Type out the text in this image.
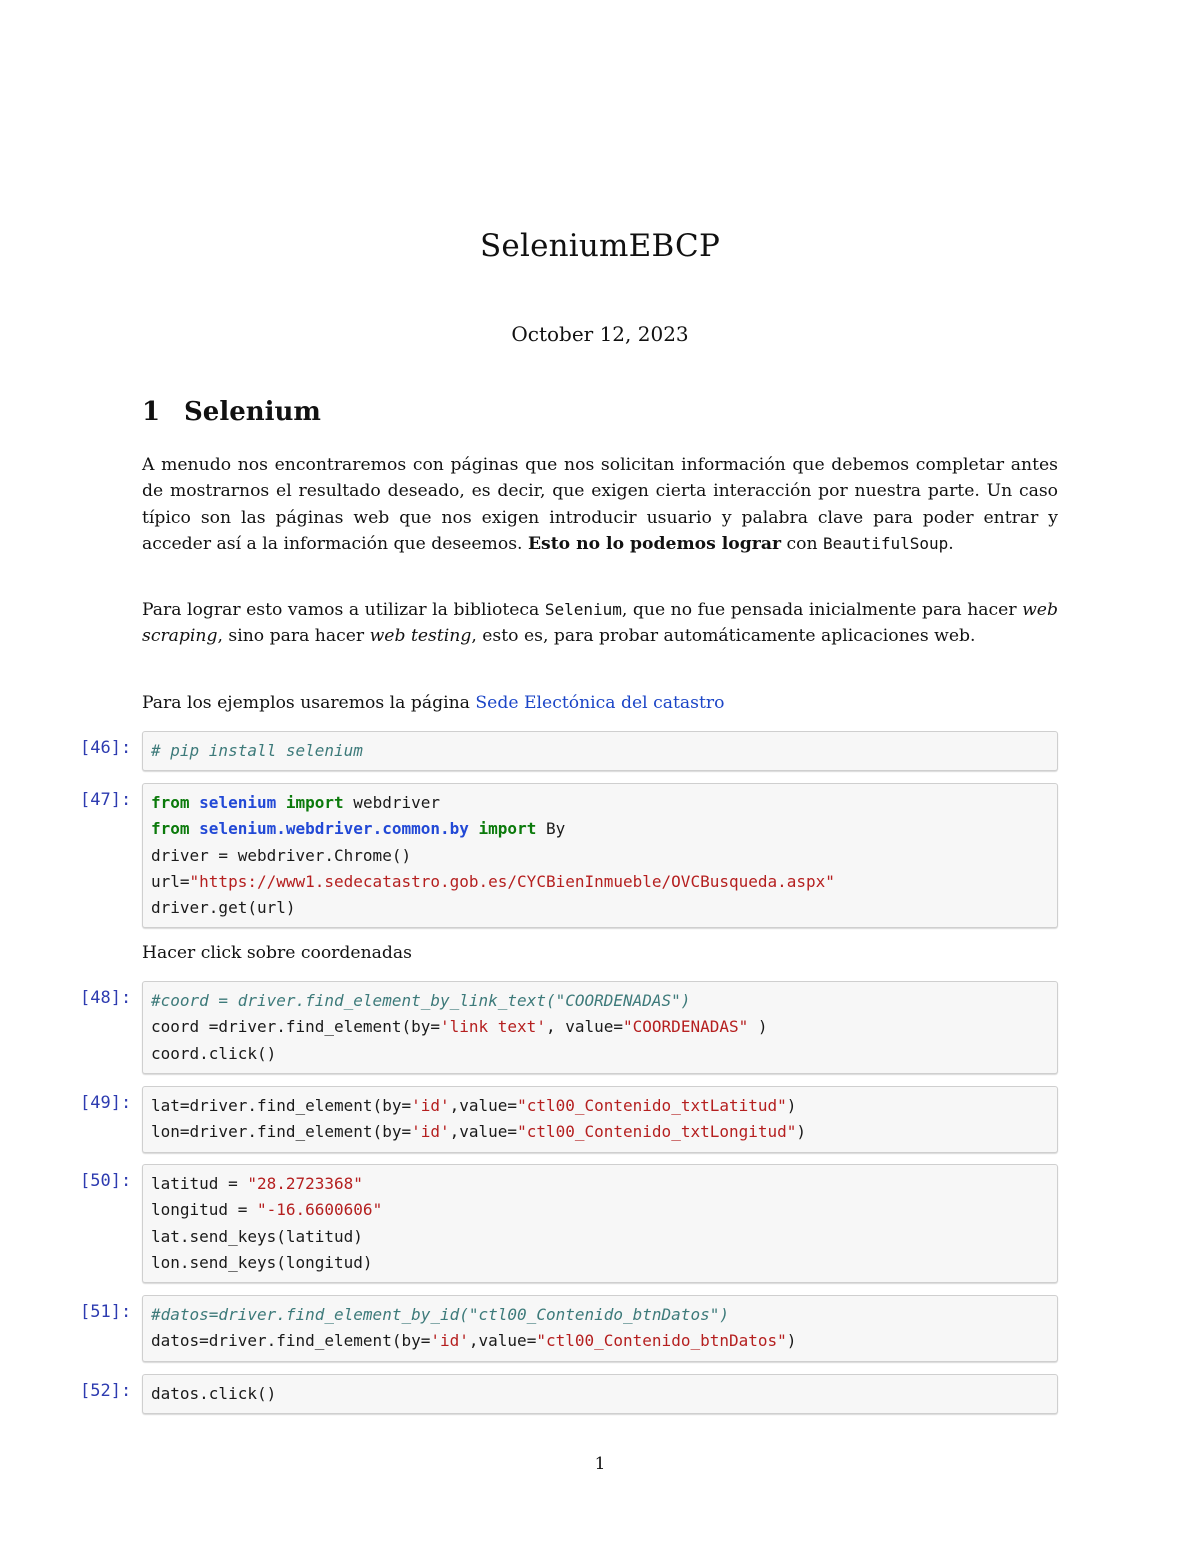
SeleniumEBCP
October 12, 2023
1 Selenium
A menudo nos encontraremos con páginas que nos solicitan información que debemos completar antes de mostrarnos el resultado deseado, es decir, que exigen cierta interacción por nuestra parte. Un caso típico son las páginas web que nos exigen introducir usuario y palabra clave para poder entrar y acceder así a la información que deseemos. Esto no lo podemos lograr con BeautifulSoup.
Para lograr esto vamos a utilizar la biblioteca Selenium, que no fue pensada inicialmente para hacer web scraping, sino para hacer web testing, esto es, para probar automáticamente aplicaciones web.
Para los ejemplos usaremos la página Sede Electónica del catastro
[46]:	# pip install selenium
[47]:	from selenium import webdriver
from selenium.webdriver.common.by import By
driver = webdriver.Chrome()
url="https://www1.sedecatastro.gob.es/CYCBienInmueble/OVCBusqueda.aspx"
driver.get(url)
Hacer click sobre coordenadas
[48]:	#coord = driver.find_element_by_link_text("COORDENADAS")
coord =driver.find_element(by='link text', value="COORDENADAS" )
coord.click()
[49]:	lat=driver.find_element(by='id',value="ctl00_Contenido_txtLatitud")
lon=driver.find_element(by='id',value="ctl00_Contenido_txtLongitud")
[50]:	latitud = "28.2723368"
longitud = "-16.6600606"
lat.send_keys(latitud)
lon.send_keys(longitud)
[51]:	#datos=driver.find_element_by_id("ctl00_Contenido_btnDatos")
datos=driver.find_element(by='id',value="ctl00_Contenido_btnDatos")
[52]:	datos.click()
1
